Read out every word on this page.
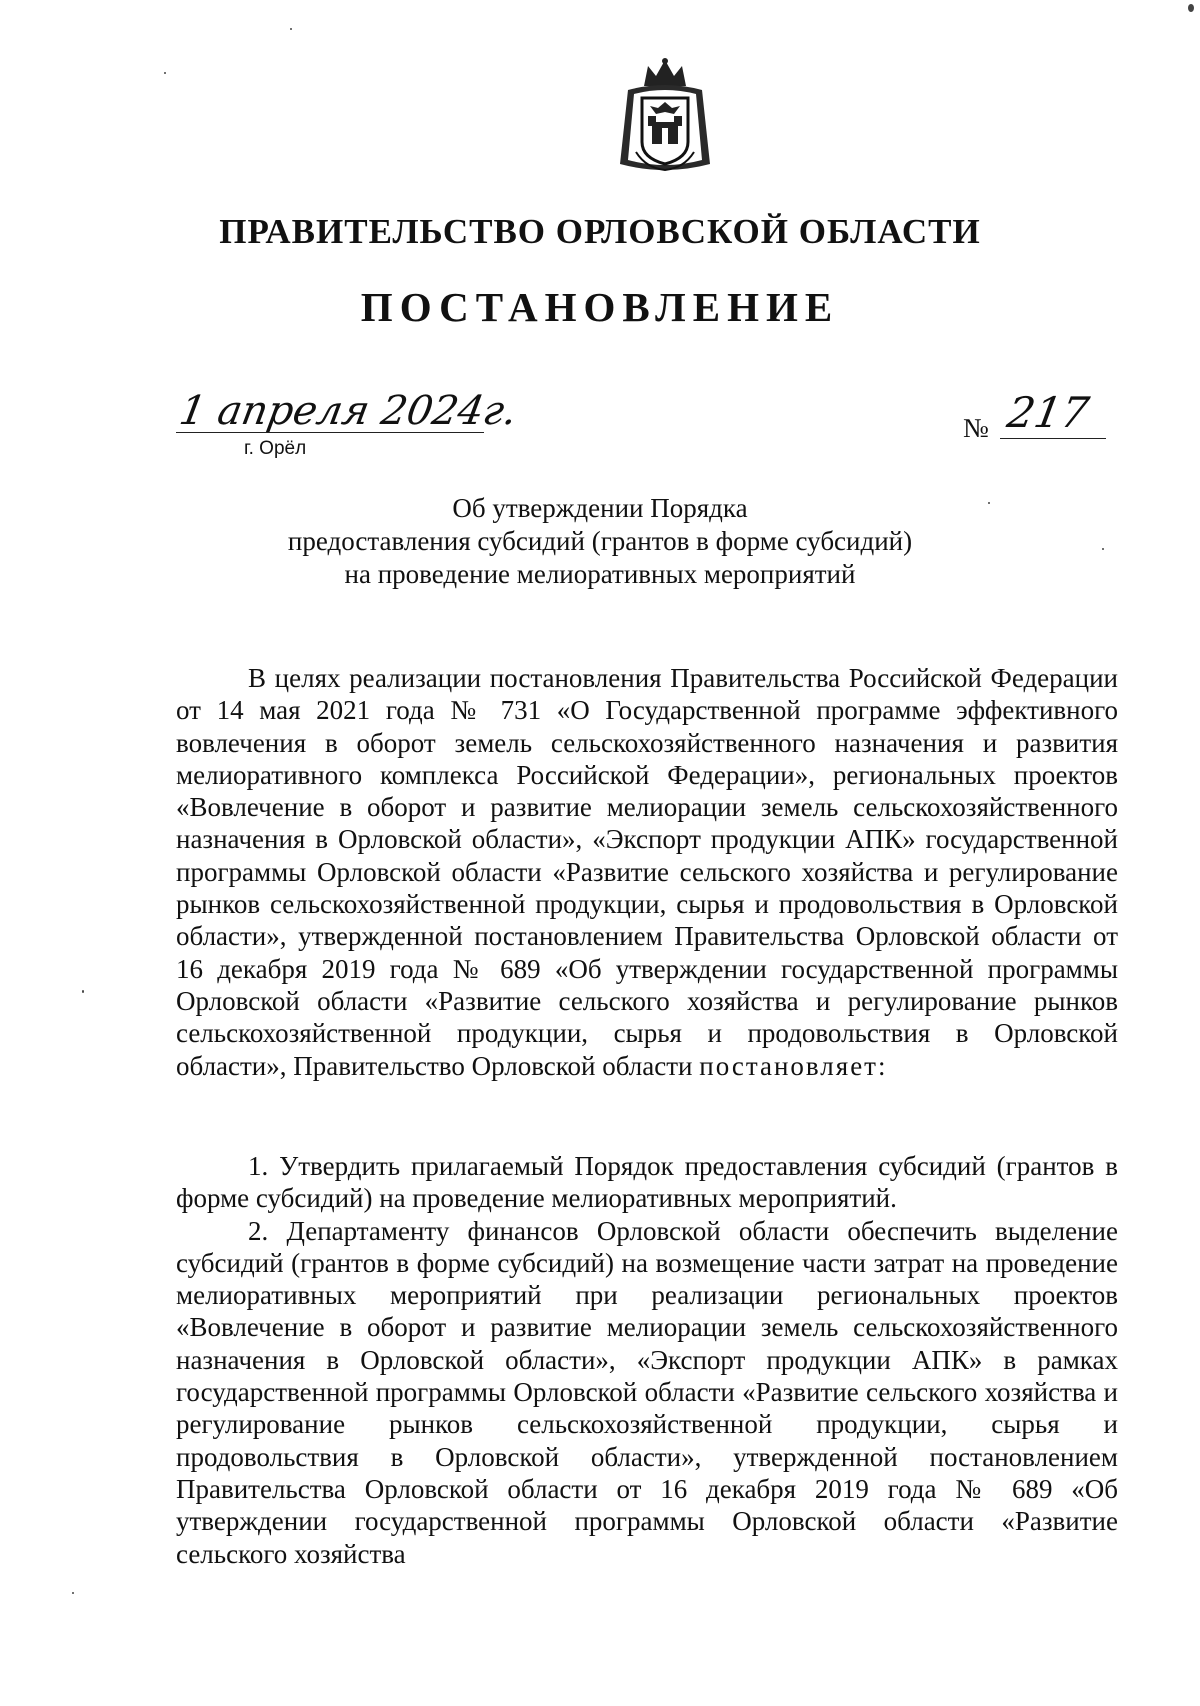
ПРАВИТЕЛЬСТВО ОРЛОВСКОЙ ОБЛАСТИ
ПОСТАНОВЛЕНИЕ
1 апреля 2024г.
г. Орёл
№ 217
Об утверждении Порядка
предоставления субсидий (грантов в форме субсидий)
на проведение мелиоративных мероприятий

В целях реализации постановления Правительства Российской Федерации от 14 мая 2021 года № 731 «О Государственной программе эффективного вовлечения в оборот земель сельскохозяйственного назначения и развития мелиоративного комплекса Российской Федерации», региональных проектов «Вовлечение в оборот и развитие мелиорации земель сельскохозяйственного назначения в Орловской области», «Экспорт продукции АПК» государственной программы Орловской области «Развитие сельского хозяйства и регулирование рынков сельскохозяйственной продукции, сырья и продовольствия в Орловской области», утвержденной постановлением Правительства Орловской области от 16 декабря 2019 года № 689 «Об утверждении государственной программы Орловской области «Развитие сельского хозяйства и регулирование рынков сельскохозяйственной продукции, сырья и продовольствия в Орловской области», Правительство Орловской области постановляет:

1. Утвердить прилагаемый Порядок предоставления субсидий (грантов в форме субсидий) на проведение мелиоративных мероприятий.

2. Департаменту финансов Орловской области обеспечить выделение субсидий (грантов в форме субсидий) на возмещение части затрат на проведение мелиоративных мероприятий при реализации региональных проектов «Вовлечение в оборот и развитие мелиорации земель сельскохозяйственного назначения в Орловской области», «Экспорт продукции АПК» в рамках государственной программы Орловской области «Развитие сельского хозяйства и регулирование рынков сельскохозяйственной продукции, сырья и продовольствия в Орловской области», утвержденной постановлением Правительства Орловской области от 16 декабря 2019 года № 689 «Об утверждении государственной программы Орловской области «Развитие сельского хозяйства
